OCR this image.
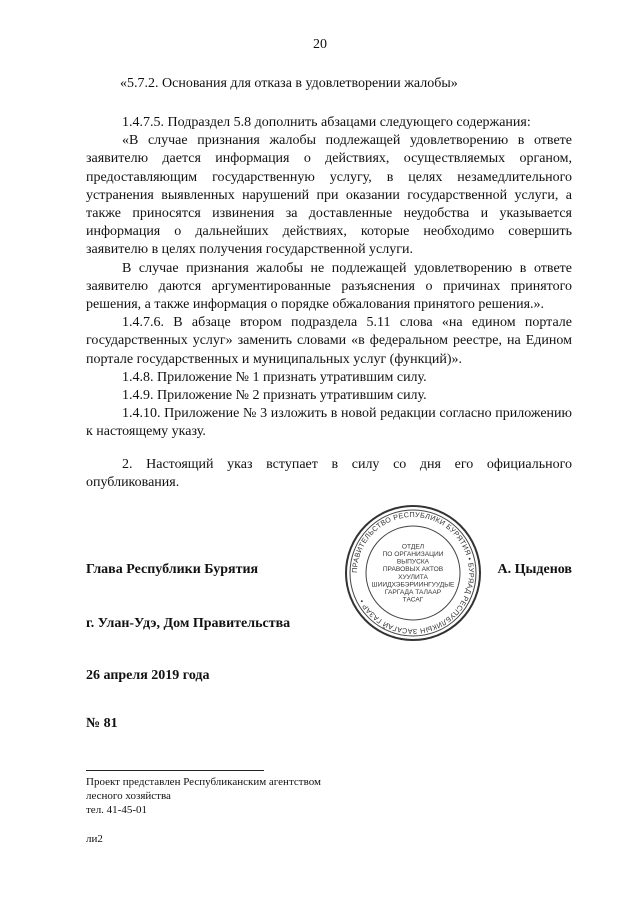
20
«5.7.2. Основания для отказа в удовлетворении жалобы»

1.4.7.5. Подраздел 5.8 дополнить абзацами следующего содержания:

«В случае признания жалобы подлежащей удовлетворению в ответе заявителю дается информация о действиях, осуществляемых органом, предоставляющим государственную услугу, в целях незамедлительного устранения выявленных нарушений при оказании государственной услуги, а также приносятся извинения за доставленные неудобства и указывается информация о дальнейших действиях, которые необходимо совершить заявителю в целях получения государственной услуги.

В случае признания жалобы не подлежащей удовлетворению в ответе заявителю даются аргументированные разъяснения о причинах принятого решения, а также информация о порядке обжалования принятого решения.».

1.4.7.6. В абзаце втором подраздела 5.11 слова «на едином портале государственных услуг» заменить словами «в федеральном реестре, на Едином портале государственных и муниципальных услуг (функций)».

1.4.8. Приложение № 1 признать утратившим силу.

1.4.9. Приложение № 2 признать утратившим силу.

1.4.10. Приложение № 3 изложить в новой редакции согласно приложению к настоящему указу.

2. Настоящий указ вступает в силу со дня его официального опубликования.

ПРАВИТЕЛЬСТВО РЕСПУБЛИКИ БУРЯТИЯ • БУРЯАД РЕСПУБЛИКЫН ЗАСАГАЙ ГАЗАР •
ОТДЕЛ
ПО ОРГАНИЗАЦИИ
ВЫПУСКА
ПРАВОВЫХ АКТОВ
ХУУЛИТА
ШИИДХЭБЭРИИНГУУДЫЕ
ГАРГАДА ТАЛААР
ТАСАГ
Глава Республики Бурятия	А. Цыденов
г. Улан-Удэ, Дом Правительства
26 апреля 2019 года
№ 81
Проект представлен Республиканским агентством
лесного хозяйства
тел. 41-45-01
ли2
